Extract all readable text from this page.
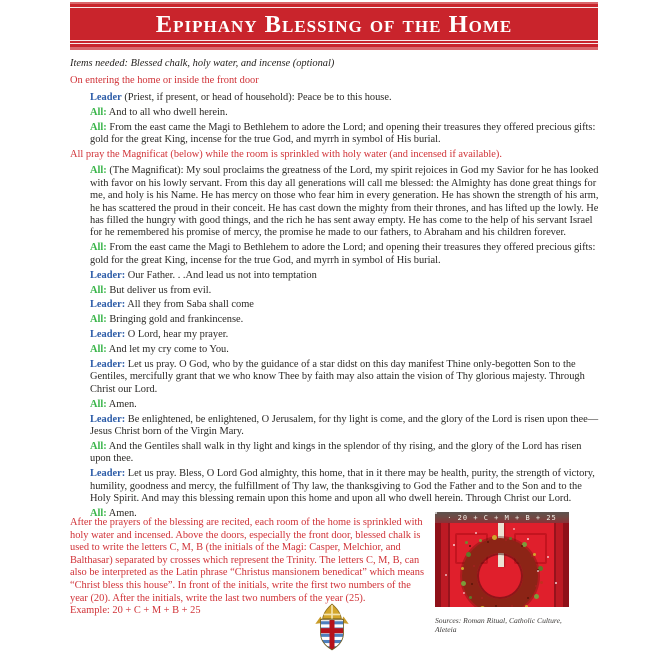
Epiphany Blessing of the Home

Items needed: Blessed chalk, holy water, and incense (optional)

On entering the home or inside the front door

Leader (Priest, if present, or head of household): Peace be to this house.

All: And to all who dwell herein.

All: From the east came the Magi to Bethlehem to adore the Lord; and opening their treasures they offered precious gifts: gold for the great King, incense for the true God, and myrrh in symbol of His burial.

All pray the Magnificat (below) while the room is sprinkled with holy water (and incensed if available).

All: (The Magnificat): My soul proclaims the greatness of the Lord, my spirit rejoices in God my Savior for he has looked with favor on his lowly servant. From this day all generations will call me blessed: the Almighty has done great things for me, and holy is his Name. He has mercy on those who fear him in every generation. He has shown the strength of his arm, he has scattered the proud in their conceit. He has cast down the mighty from their thrones, and has lifted up the lowly. He has filled the hungry with good things, and the rich he has sent away empty. He has come to the help of his servant Israel for he remembered his promise of mercy, the promise he made to our fathers, to Abraham and his children forever.

All: From the east came the Magi to Bethlehem to adore the Lord; and opening their treasures they offered precious gifts: gold for the great King, incense for the true God, and myrrh in symbol of His burial.

Leader: Our Father. . .And lead us not into temptation

All: But deliver us from evil.

Leader: All they from Saba shall come

All: Bringing gold and frankincense.

Leader: O Lord, hear my prayer.

All: And let my cry come to You.

Leader: Let us pray. O God, who by the guidance of a star didst on this day manifest Thine only-begotten Son to the Gentiles, mercifully grant that we who know Thee by faith may also attain the vision of Thy glorious majesty. Through Christ our Lord.

All: Amen.

Leader: Be enlightened, be enlightened, O Jerusalem, for thy light is come, and the glory of the Lord is risen upon thee—Jesus Christ born of the Virgin Mary.

All: And the Gentiles shall walk in thy light and kings in the splendor of thy rising, and the glory of the Lord has risen upon thee.

Leader: Let us pray. Bless, O Lord God almighty, this home, that in it there may be health, purity, the strength of victory, humility, goodness and mercy, the fulfillment of Thy law, the thanksgiving to God the Father and to the Son and to the Holy Spirit. And may this blessing remain upon this home and upon all who dwell herein. Through Christ our Lord.

All: Amen.

After the prayers of the blessing are recited, each room of the home is sprinkled with holy water and incensed. Above the doors, especially the front door, blessed chalk is used to write the letters C, M, B (the initials of the Magi: Casper, Melchior, and Balthasar) separated by crosses which represent the Trinity. The letters C, M, B, can also be interpreted as the Latin phrase “Christus mansionem benedicat” which means “Christ bless this house”. In front of the initials, write the first two numbers of the year (20). After the initials, write the last two numbers of the year (25).

Example: 20 + C + M + B + 25

· 20 + C + M + B + 25
Sources: Roman Ritual, Catholic Culture, Aleteia
